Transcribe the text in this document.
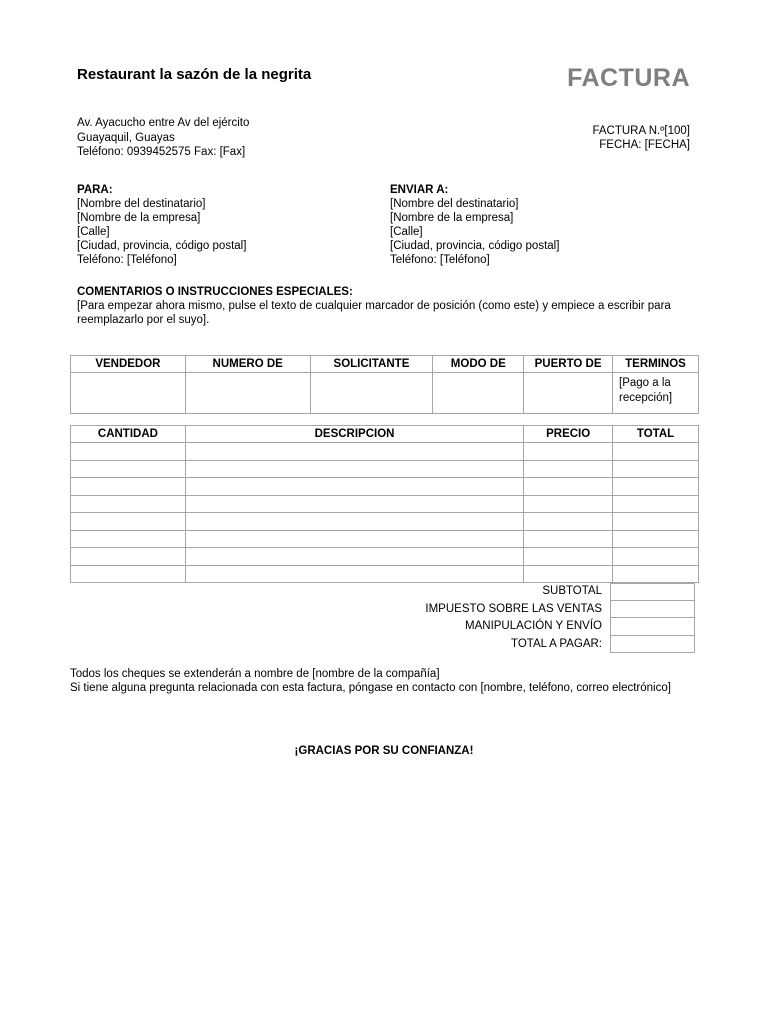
Restaurant la sazón de la negrita	FACTURA
Av. Ayacucho entre Av del ejército
Guayaquil, Guayas
Teléfono: 0939452575 Fax: [Fax]
FACTURA N.º[100]
FECHA: [FECHA]
PARA:
[Nombre del destinatario]
[Nombre de la empresa]
[Calle]
[Ciudad, provincia, código postal]
Teléfono: [Teléfono]
ENVIAR A:
[Nombre del destinatario]
[Nombre de la empresa]
[Calle]
[Ciudad, provincia, código postal]
Teléfono: [Teléfono]
COMENTARIOS O INSTRUCCIONES ESPECIALES:
[Para empezar ahora mismo, pulse el texto de cualquier marcador de posición (como este) y empiece a escribir para reemplazarlo por el suyo].
VENDEDOR	NÚMERO DE	SOLICITANTE	MODO DE	PUERTO DE	TÉRMINOS

					[Pago a la recepción]
CANTIDAD	DESCRIPCIÓN	PRECIO	TOTAL

SUBTOTAL
IMPUESTO SOBRE LAS VENTAS
MANIPULACIÓN Y ENVÍO
TOTAL A PAGAR:
Todos los cheques se extenderán a nombre de [nombre de la compañía]
Si tiene alguna pregunta relacionada con esta factura, póngase en contacto con [nombre, teléfono, correo electrónico]
¡GRACIAS POR SU CONFIANZA!
